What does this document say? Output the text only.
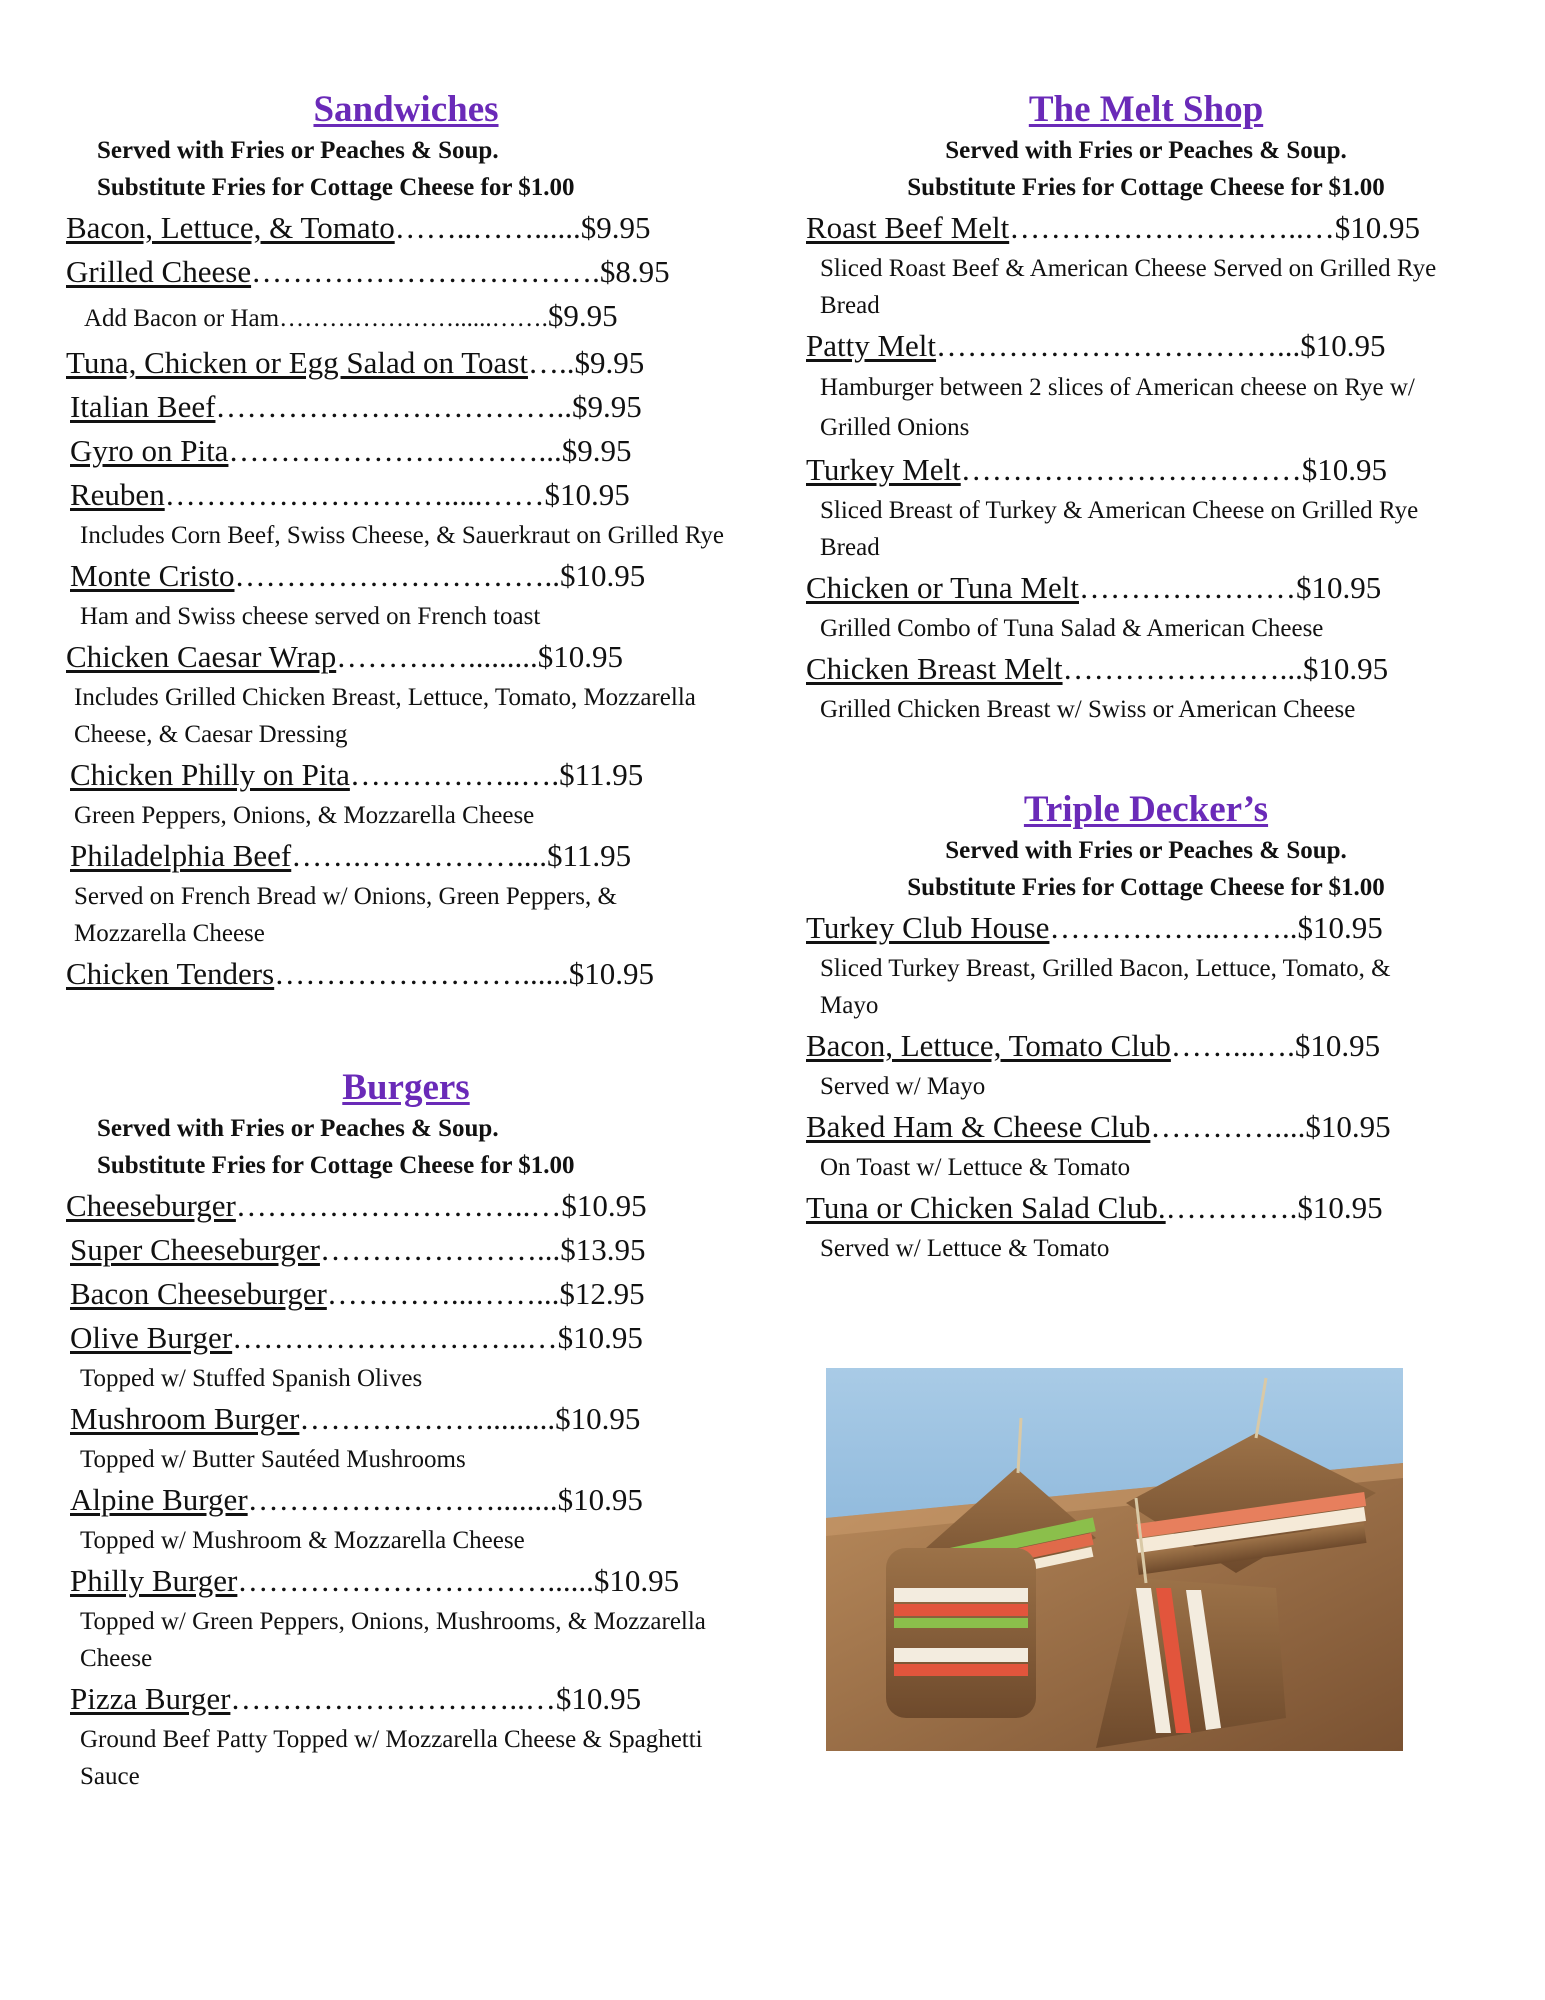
Sandwiches
Served with Fries or Peaches & Soup.
Substitute Fries for Cottage Cheese for $1.00
Bacon, Lettuce, & Tomato ……..……...... $9.95
Grilled Cheese ……………………………. $8.95
Add Bacon or Ham …………………......……. $9.95
Tuna, Chicken or Egg Salad on Toast ….. $9.95
Italian Beef …………………………….. $9.95
Gyro on Pita …………………………... $9.95
Reuben ……………………….....…… $10.95
Includes Corn Beef, Swiss Cheese, & Sauerkraut on Grilled Rye
Monte Cristo ………………………….. $10.95
Ham and Swiss cheese served on French toast
Chicken Caesar Wrap ……….…......... $10.95
Includes Grilled Chicken Breast, Lettuce, Tomato, Mozzarella Cheese, & Caesar Dressing
Chicken Philly on Pita ……………..…. $11.95
Green Peppers, Onions, & Mozzarella Cheese
Philadelphia Beef …….…………….... $11.95
Served on French Bread w/ Onions, Green Peppers, & Mozzarella Cheese
Chicken Tenders ……………………...... $10.95
Burgers
Served with Fries or Peaches & Soup.
Substitute Fries for Cottage Cheese for $1.00
Cheeseburger ………………………..… $10.95
Super Cheeseburger …………………... $13.95
Bacon Cheeseburger …………...……... $12.95
Olive Burger ………………………..… $10.95
Topped w/ Stuffed Spanish Olives
Mushroom Burger ………………......... $10.95
Topped w/ Butter Sautéed Mushrooms
Alpine Burger ……………………........ $10.95
Topped w/ Mushroom & Mozzarella Cheese
Philly Burger …………………………...... $10.95
Topped w/ Green Peppers, Onions, Mushrooms, & Mozzarella Cheese
Pizza Burger ………………………..… $10.95
Ground Beef Patty Topped w/ Mozzarella Cheese & Spaghetti Sauce
The Melt Shop
Served with Fries or Peaches & Soup.
Substitute Fries for Cottage Cheese for $1.00
Roast Beef Melt ………………………..… $10.95
Sliced Roast Beef & American Cheese Served on Grilled Rye Bread
Patty Melt ……………………………... $10.95
Hamburger between 2 slices of American cheese on Rye w/ Grilled Onions
Turkey Melt …………………………… $10.95
Sliced Breast of Turkey & American Cheese on Grilled Rye Bread
Chicken or Tuna Melt ………………… $10.95
Grilled Combo of Tuna Salad & American Cheese
Chicken Breast Melt …………………... $10.95
Grilled Chicken Breast w/ Swiss or American Cheese
Triple Decker’s
Served with Fries or Peaches & Soup.
Substitute Fries for Cottage Cheese for $1.00
Turkey Club House ……………..…….. $10.95
Sliced Turkey Breast, Grilled Bacon, Lettuce, Tomato, & Mayo
Bacon, Lettuce, Tomato Club ……...…. $10.95
Served w/ Mayo
Baked Ham & Cheese Club ………….... $10.95
On Toast w/ Lettuce & Tomato
Tuna or Chicken Salad Club. …………. $10.95
Served w/ Lettuce & Tomato
